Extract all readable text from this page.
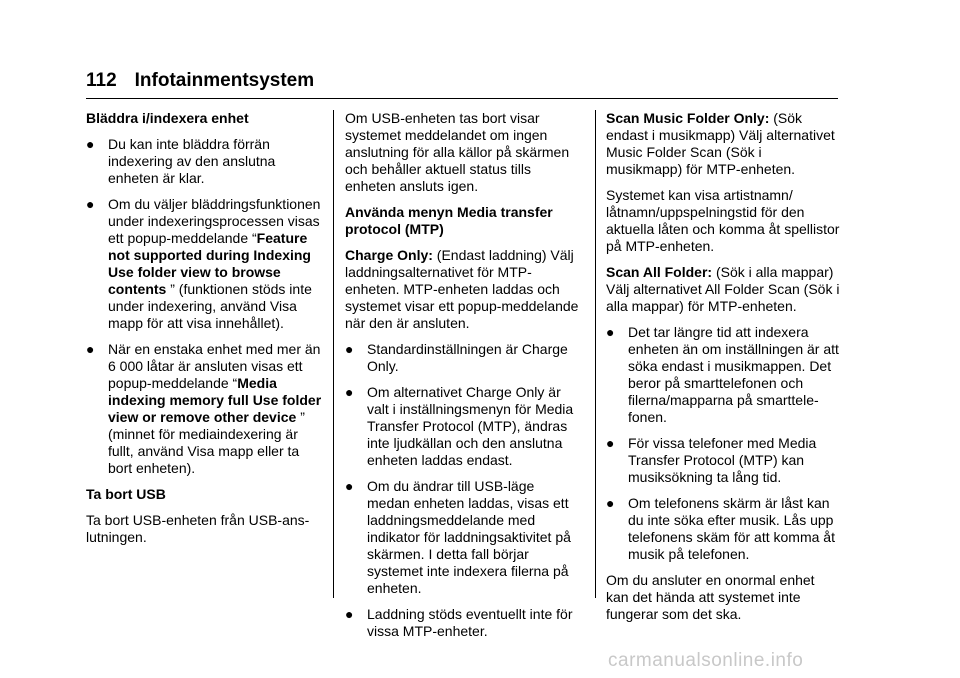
112 Infotainmentsystem

Bläddra i/indexera enhet

● Du kan inte bläddra förrän indexering av den anslutna enheten är klar.
● Om du väljer bläddringsfunktionen under indexeringsprocessen visas ett popup-meddelande “Feature not supported during Indexing Use folder view to browse contents ” (funktionen stöds inte under indexering, använd Visa mapp för att visa innehållet).
● När en enstaka enhet med mer än 6 000 låtar är ansluten visas ett popup-meddelande “Media indexing memory full Use folder view or remove other device ” (minnet för mediaindexering är fullt, använd Visa mapp eller ta bort enheten).

Ta bort USB

Ta bort USB-enheten från USB-anslutningen.

Om USB-enheten tas bort visar systemet meddelandet om ingen anslutning för alla källor på skärmen och behåller aktuell status tills enheten ansluts igen.

Använda menyn Media transfer protocol (MTP)

Charge Only: (Endast laddning) Välj laddningsalternativet för MTP-enheten. MTP-enheten laddas och systemet visar ett popup-meddelande när den är ansluten.

● Standardinställningen är Charge Only.
● Om alternativet Charge Only är valt i inställningsmenyn för Media Transfer Protocol (MTP), ändras inte ljudkällan och den anslutna enheten laddas endast.
● Om du ändrar till USB-läge medan enheten laddas, visas ett laddningsmeddelande med indikator för laddningsaktivitet på skärmen. I detta fall börjar systemet inte indexera filerna på enheten.
● Laddning stöds eventuellt inte för vissa MTP-enheter.

Scan Music Folder Only: (Sök endast i musikmapp) Välj alternativet Music Folder Scan (Sök i musikmapp) för MTP-enheten.

Systemet kan visa artistnamn/ låtnamn/uppspelningstid för den aktuella låten och komma åt spellistor på MTP-enheten.

Scan All Folder: (Sök i alla mappar) Välj alternativet All Folder Scan (Sök i alla mappar) för MTP-enheten.

● Det tar längre tid att indexera enheten än om inställningen är att söka endast i musikmappen. Det beror på smarttelefonen och filerna/mapparna på smarttelefonen.
● För vissa telefoner med Media Transfer Protocol (MTP) kan musiksökning ta lång tid.
● Om telefonens skärm är låst kan du inte söka efter musik. Lås upp telefonens skäm för att komma åt musik på telefonen.

Om du ansluter en onormal enhet kan det hända att systemet inte fungerar som det ska.

carmanualsonline.info
